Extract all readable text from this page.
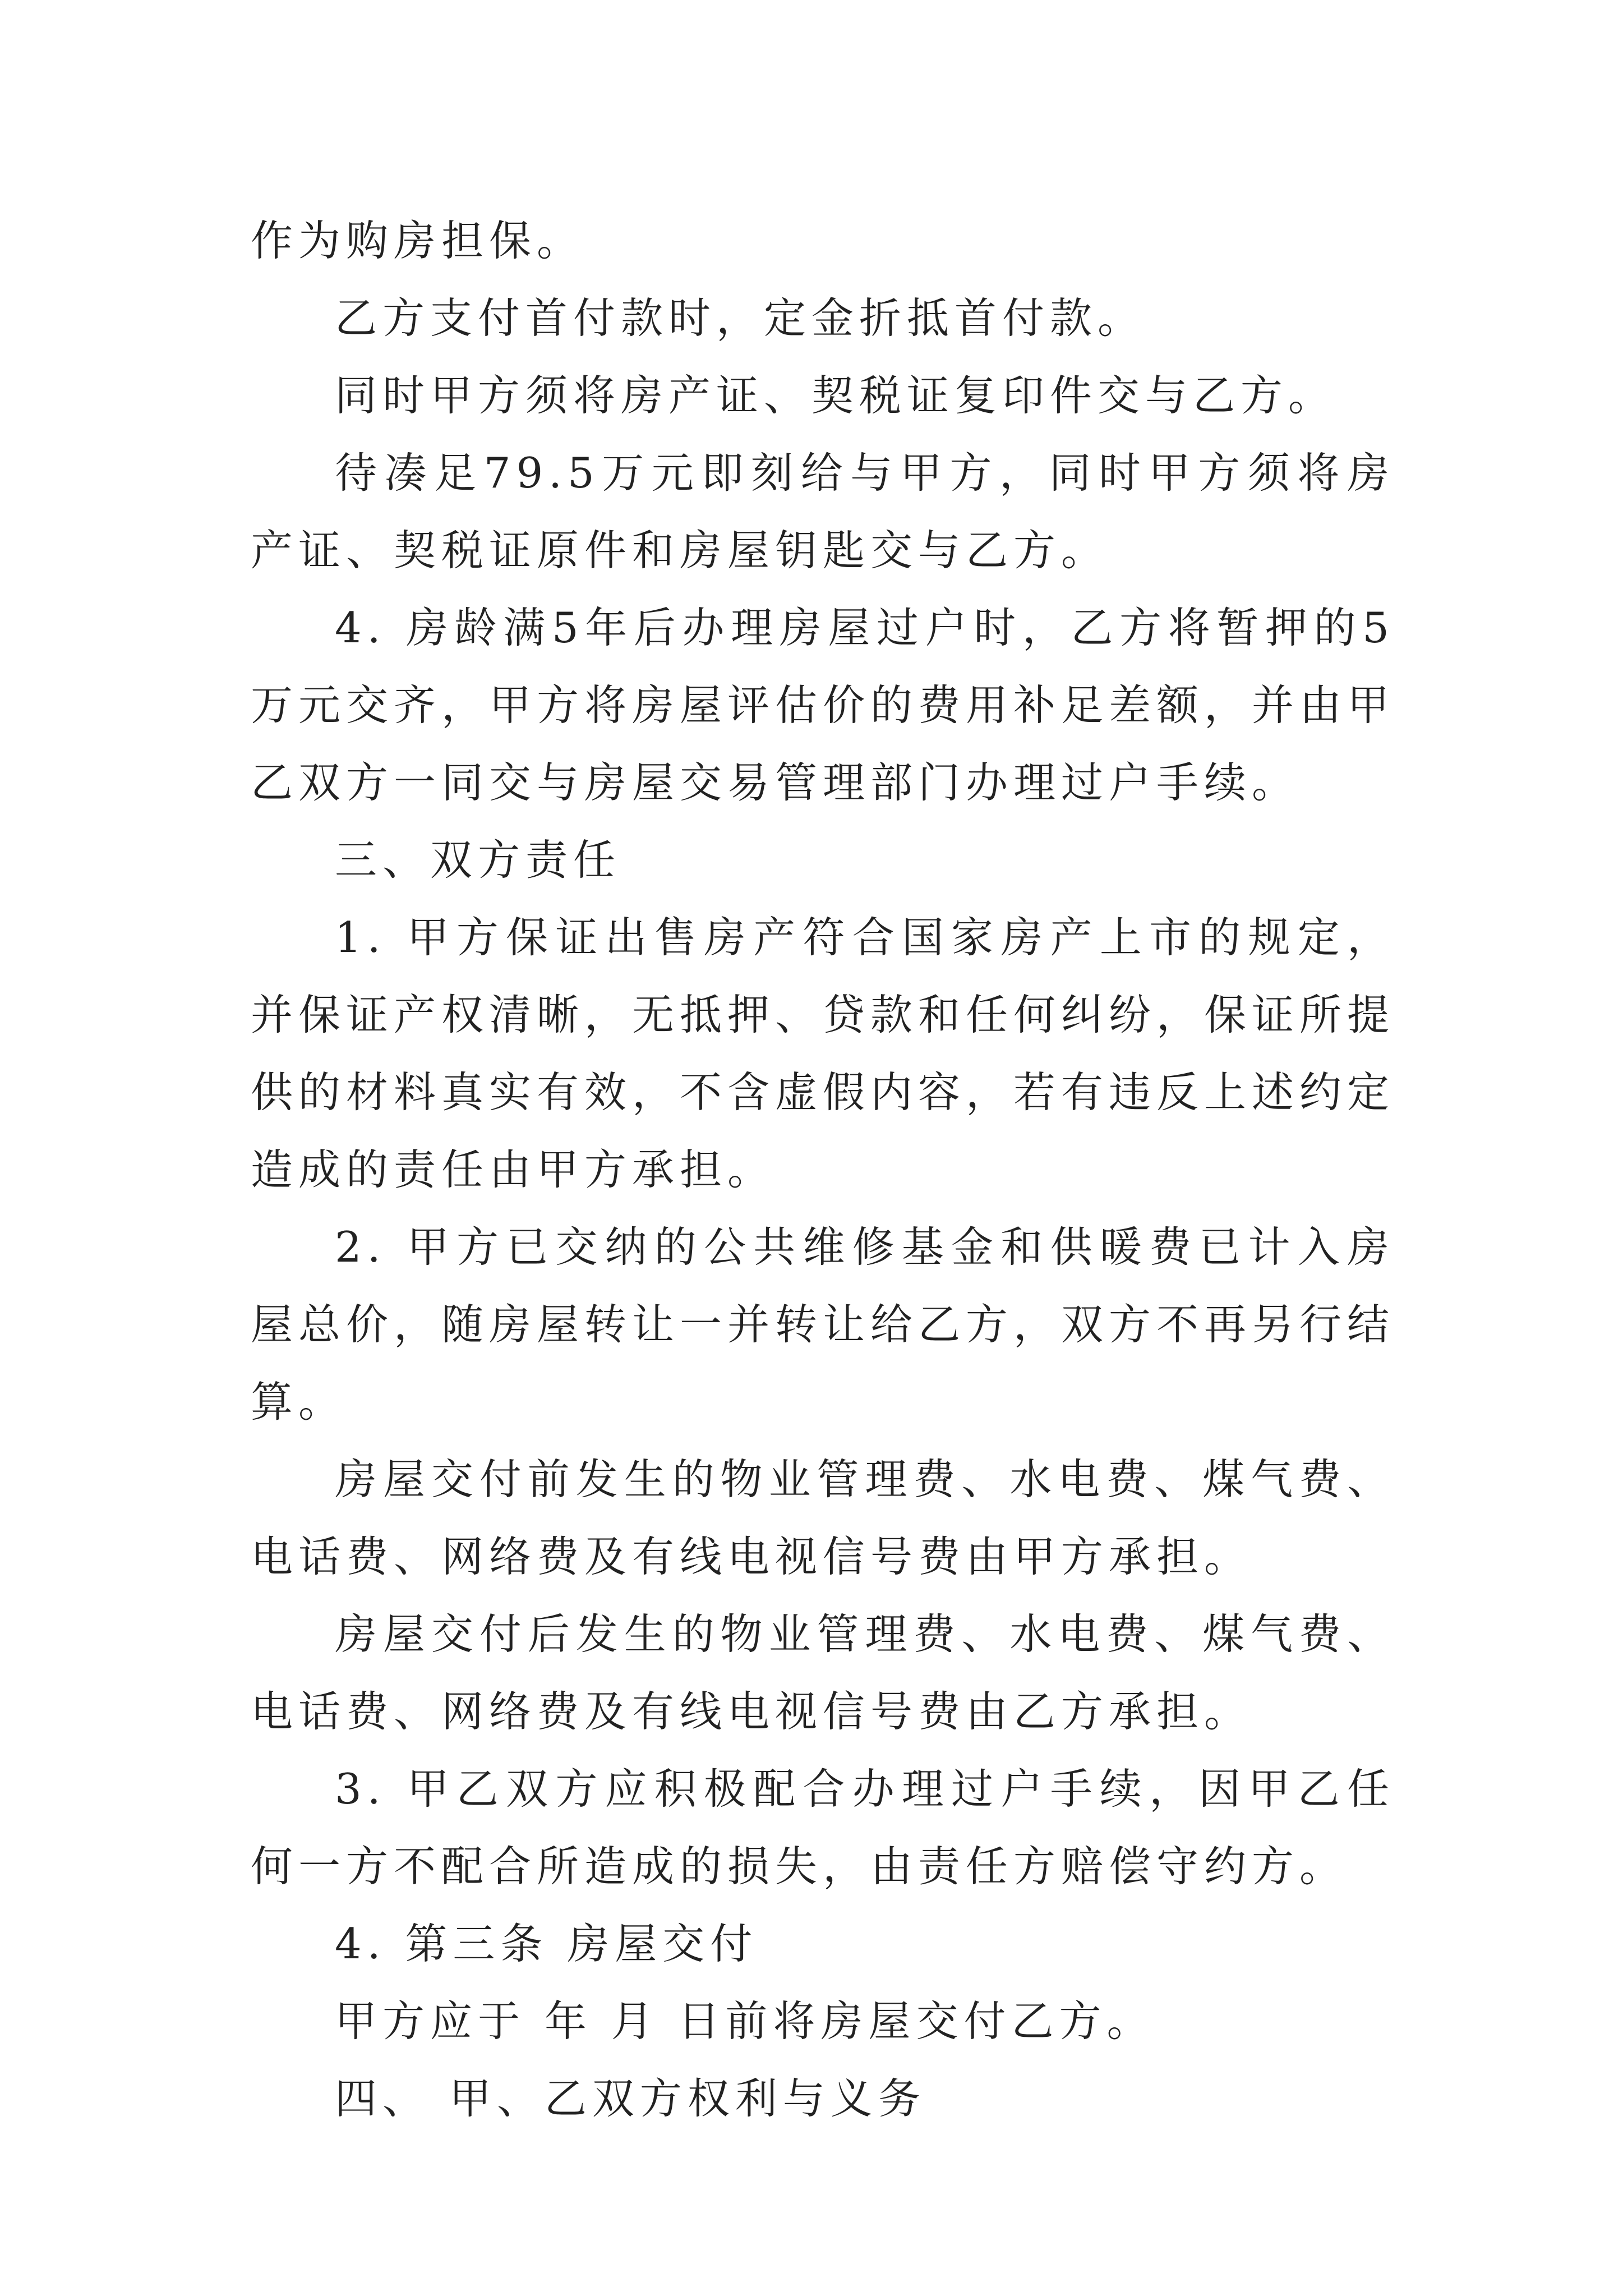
作为购房担保。

乙方支付首付款时，定金折抵首付款。

同时甲方须将房产证、契税证复印件交与乙方。

待凑足79.5万元即刻给与甲方，同时甲方须将房产证、契税证原件和房屋钥匙交与乙方。

4. 房龄满5年后办理房屋过户时，乙方将暂押的5万元交齐，甲方将房屋评估价的费用补足差额，并由甲乙双方一同交与房屋交易管理部门办理过户手续。

三、双方责任

1. 甲方保证出售房产符合国家房产上市的规定，并保证产权清晰，无抵押、贷款和任何纠纷，保证所提供的材料真实有效，不含虚假内容，若有违反上述约定造成的责任由甲方承担。

2. 甲方已交纳的公共维修基金和供暖费已计入房屋总价，随房屋转让一并转让给乙方，双方不再另行结算。

房屋交付前发生的物业管理费、水电费、煤气费、电话费、网络费及有线电视信号费由甲方承担。

房屋交付后发生的物业管理费、水电费、煤气费、电话费、网络费及有线电视信号费由乙方承担。

3. 甲乙双方应积极配合办理过户手续，因甲乙任何一方不配合所造成的损失，由责任方赔偿守约方。

4. 第三条 房屋交付

甲方应于 年 月 日前将房屋交付乙方。

四、 甲、乙双方权利与义务
